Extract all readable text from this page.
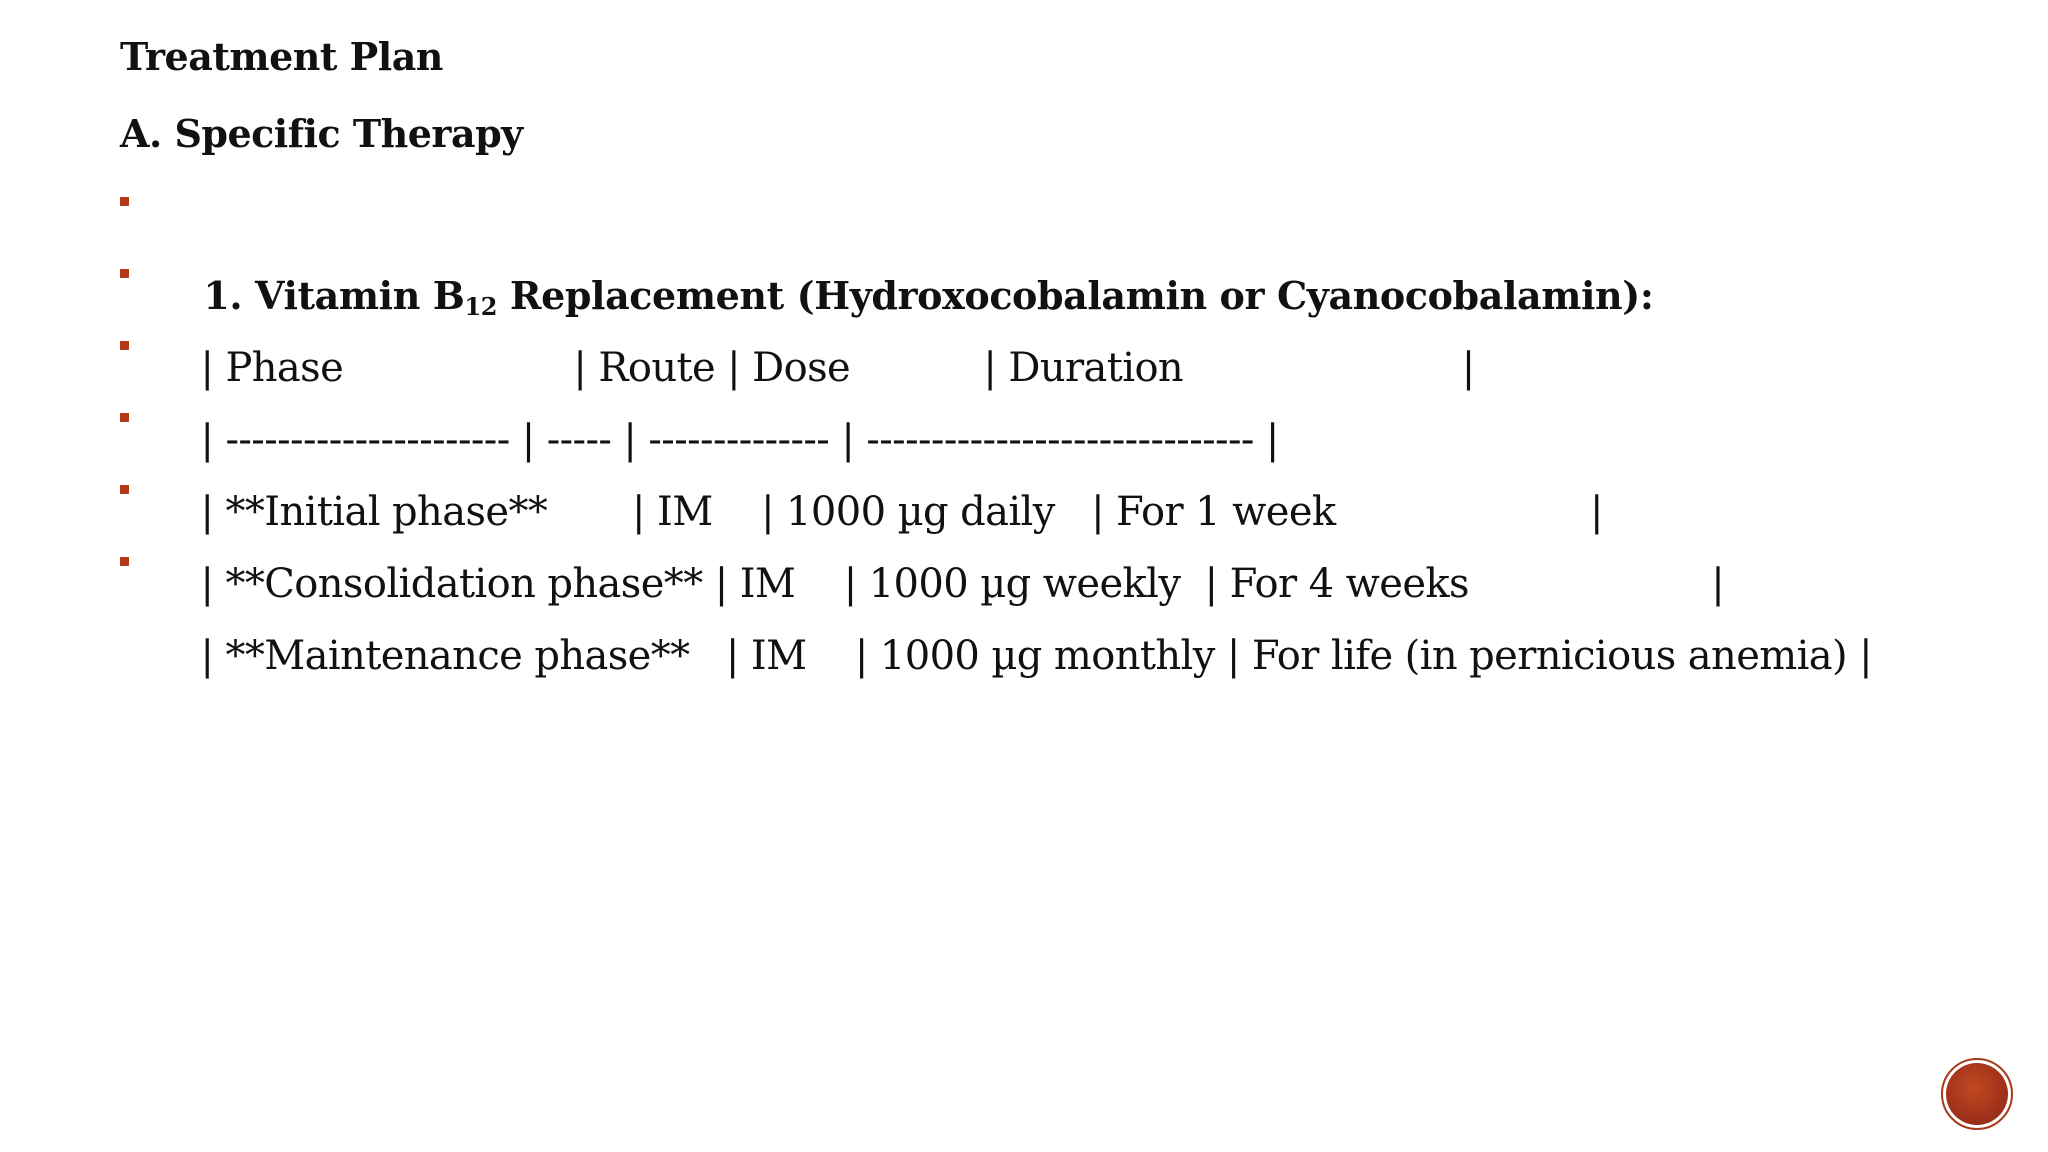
Treatment Plan
A. Specific Therapy

1. Vitamin $B_{12}$ Replacement (Hydroxocobalamin or Cyanocobalamin):

| Phase                   | Route | Dose           | Duration                       |

| ---------------------- | ----- | -------------- | ------------------------------ |

| **Initial phase**       | IM    | 1000 µg daily   | For 1 week                     |

| **Consolidation phase** | IM    | 1000 µg weekly  | For 4 weeks                    |

| **Maintenance phase**   | IM    | 1000 µg monthly | For life (in pernicious anemia) |
